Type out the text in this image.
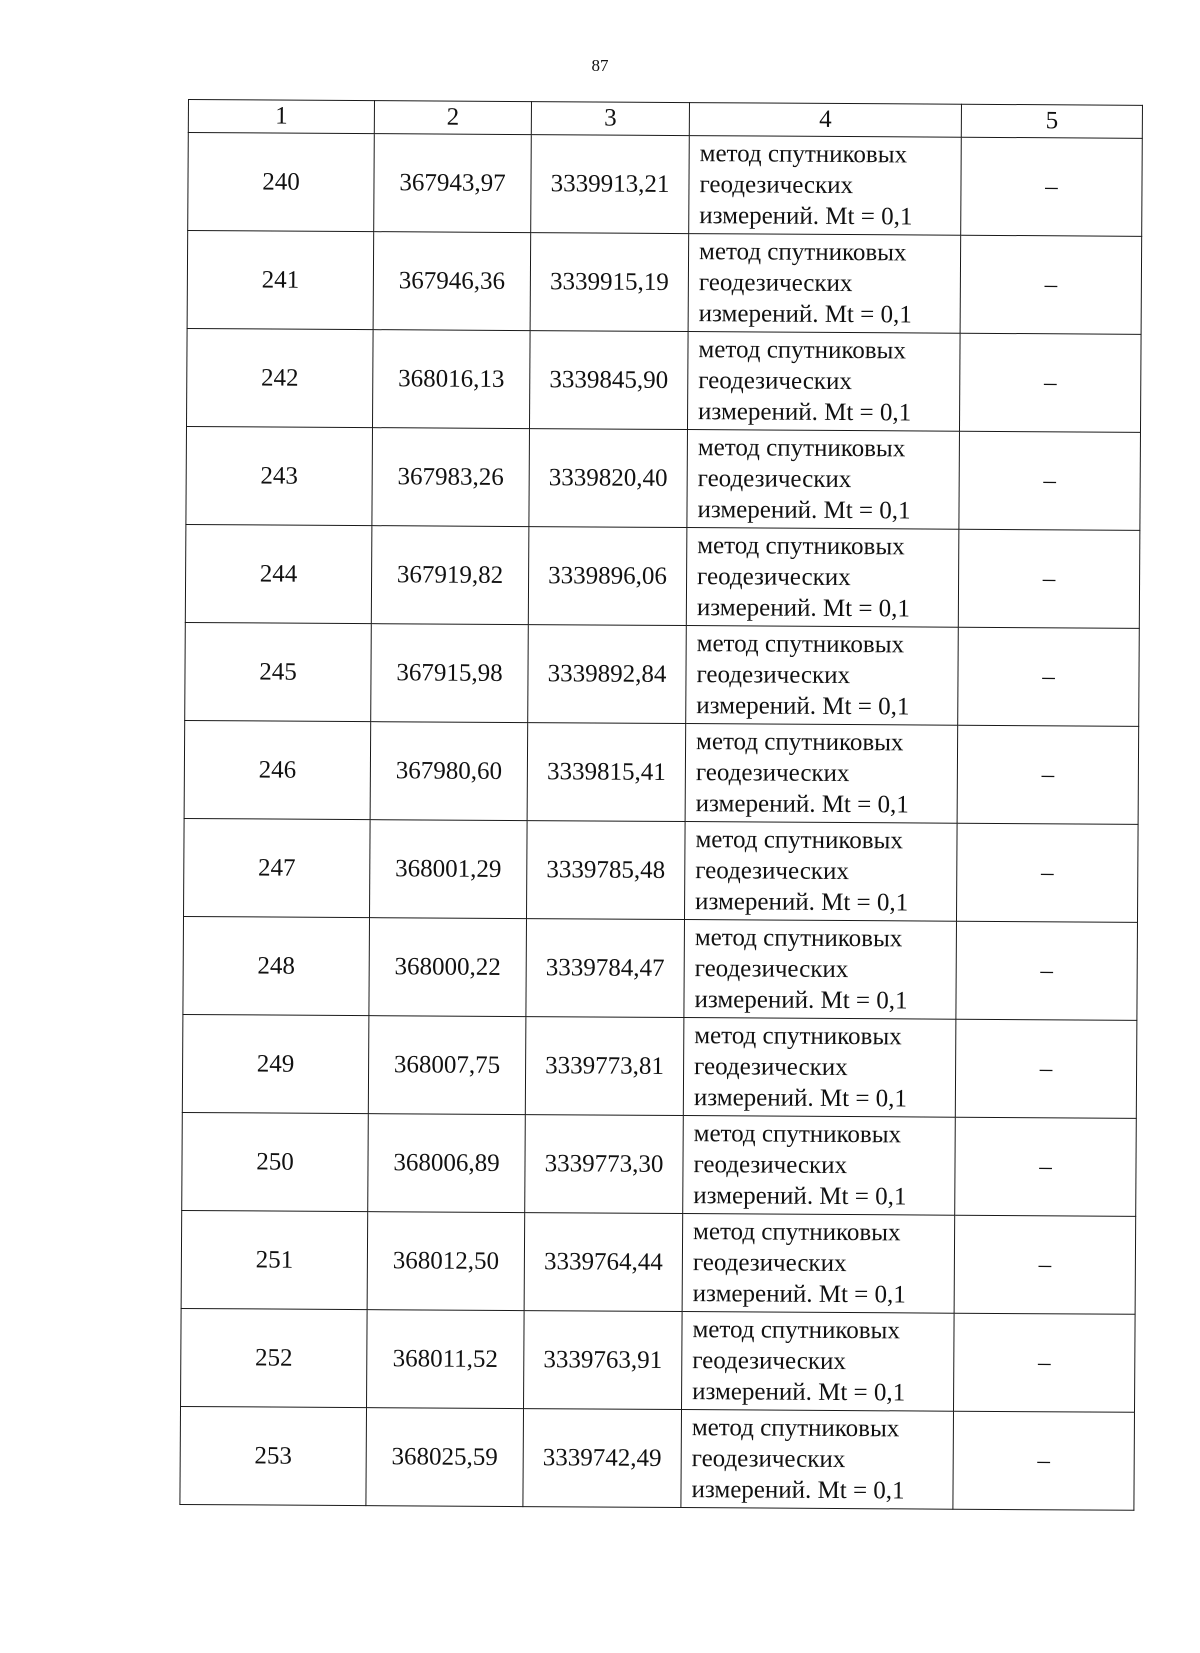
87
1	2	3	4	5
240	367943,97	3339913,21	метод спутниковых
геодезических
измерений. Mt = 0,1	–
241	367946,36	3339915,19	метод спутниковых
геодезических
измерений. Mt = 0,1	–
242	368016,13	3339845,90	метод спутниковых
геодезических
измерений. Mt = 0,1	–
243	367983,26	3339820,40	метод спутниковых
геодезических
измерений. Mt = 0,1	–
244	367919,82	3339896,06	метод спутниковых
геодезических
измерений. Mt = 0,1	–
245	367915,98	3339892,84	метод спутниковых
геодезических
измерений. Mt = 0,1	–
246	367980,60	3339815,41	метод спутниковых
геодезических
измерений. Mt = 0,1	–
247	368001,29	3339785,48	метод спутниковых
геодезических
измерений. Mt = 0,1	–
248	368000,22	3339784,47	метод спутниковых
геодезических
измерений. Mt = 0,1	–
249	368007,75	3339773,81	метод спутниковых
геодезических
измерений. Mt = 0,1	–
250	368006,89	3339773,30	метод спутниковых
геодезических
измерений. Mt = 0,1	–
251	368012,50	3339764,44	метод спутниковых
геодезических
измерений. Mt = 0,1	–
252	368011,52	3339763,91	метод спутниковых
геодезических
измерений. Mt = 0,1	–
253	368025,59	3339742,49	метод спутниковых
геодезических
измерений. Mt = 0,1	–
